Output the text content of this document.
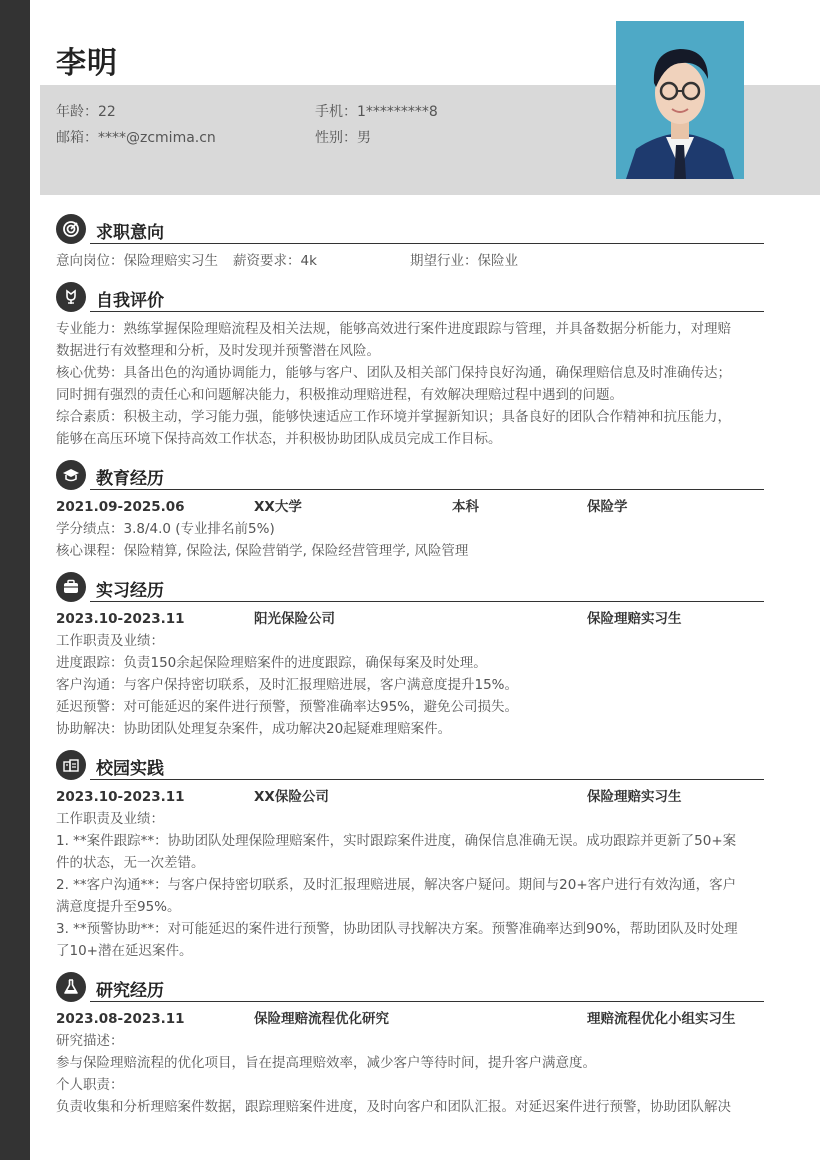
年龄：22	手机：1*********8
邮箱：****@zcmima.cn	性别：男
李明
求职意向
意向岗位：保险理赔实习生	薪资要求：4k	期望行业：保险业
自我评价
专业能力：熟练掌握保险理赔流程及相关法规，能够高效进行案件进度跟踪与管理，并具备数据分析能力，对理赔
数据进行有效整理和分析，及时发现并预警潜在风险。
核心优势：具备出色的沟通协调能力，能够与客户、团队及相关部门保持良好沟通，确保理赔信息及时准确传达；
同时拥有强烈的责任心和问题解决能力，积极推动理赔进程，有效解决理赔过程中遇到的问题。
综合素质：积极主动，学习能力强，能够快速适应工作环境并掌握新知识；具备良好的团队合作精神和抗压能力，
能够在高压环境下保持高效工作状态，并积极协助团队成员完成工作目标。
教育经历
2021.09-2025.06	XX大学	本科	保险学
学分绩点：3.8/4.0 (专业排名前5%)
核心课程：保险精算, 保险法, 保险营销学, 保险经营管理学, 风险管理
实习经历
2023.10-2023.11	阳光保险公司	保险理赔实习生
工作职责及业绩：
进度跟踪：负责150余起保险理赔案件的进度跟踪，确保每案及时处理。
客户沟通：与客户保持密切联系，及时汇报理赔进展，客户满意度提升15%。
延迟预警：对可能延迟的案件进行预警，预警准确率达95%，避免公司损失。
协助解决：协助团队处理复杂案件，成功解决20起疑难理赔案件。
校园实践
2023.10-2023.11	XX保险公司	保险理赔实习生
工作职责及业绩：
1. **案件跟踪**：协助团队处理保险理赔案件，实时跟踪案件进度，确保信息准确无误。成功跟踪并更新了50+案
件的状态，无一次差错。
2. **客户沟通**：与客户保持密切联系，及时汇报理赔进展，解决客户疑问。期间与20+客户进行有效沟通，客户
满意度提升至95%。
3. **预警协助**：对可能延迟的案件进行预警，协助团队寻找解决方案。预警准确率达到90%，帮助团队及时处理
了10+潜在延迟案件。
研究经历
2023.08-2023.11	保险理赔流程优化研究	理赔流程优化小组实习生
研究描述：
参与保险理赔流程的优化项目，旨在提高理赔效率，减少客户等待时间，提升客户满意度。
个人职责：
负责收集和分析理赔案件数据，跟踪理赔案件进度，及时向客户和团队汇报。对延迟案件进行预警，协助团队解决
